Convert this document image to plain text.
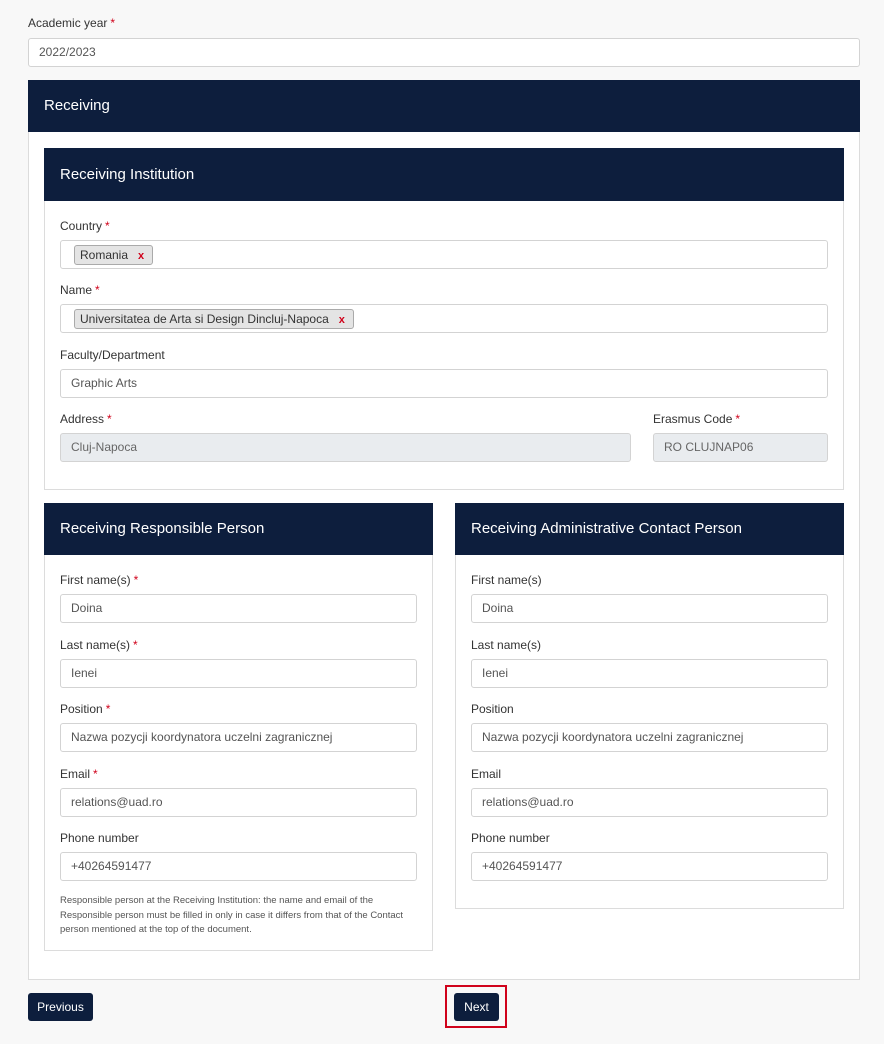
Academic year *
2022/2023
Receiving
Receiving Institution
Country *
Romania x
Name *
Universitatea de Arta si Design Dincluj-Napoca x
Faculty/Department
Graphic Arts
Address *
Cluj-Napoca
Erasmus Code *
RO CLUJNAP06
Receiving Responsible Person
First name(s) *
Doina
Last name(s) *
Ienei
Position *
Nazwa pozycji koordynatora uczelni zagranicznej
Email *
relations@uad.ro
Phone number
+40264591477
Responsible person at the Receiving Institution: the name and email of the
Responsible person must be filled in only in case it differs from that of the Contact
person mentioned at the top of the document.
Receiving Administrative Contact Person
First name(s)
Doina
Last name(s)
Ienei
Position
Nazwa pozycji koordynatora uczelni zagranicznej
Email
relations@uad.ro
Phone number
+40264591477
Previous	Next
